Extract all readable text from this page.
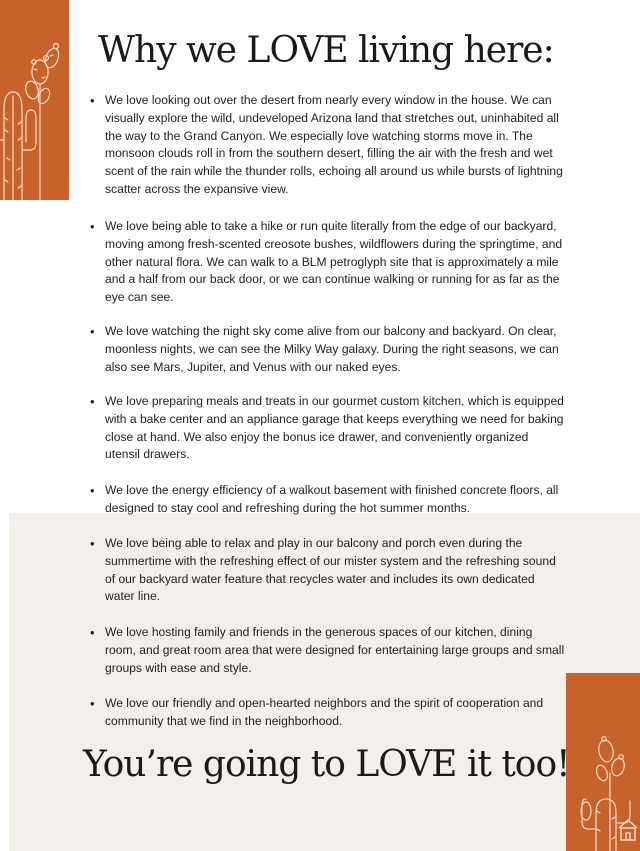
Why we LOVE living here:
• We love looking out over the desert from nearly every window in the house. We can visually explore the wild, undeveloped Arizona land that stretches out, uninhabited all the way to the Grand Canyon. We especially love watching storms move in. The monsoon clouds roll in from the southern desert, filling the air with the fresh and wet scent of the rain while the thunder rolls, echoing all around us while bursts of lightning scatter across the expansive view.
• We love being able to take a hike or run quite literally from the edge of our backyard, moving among fresh-scented creosote bushes, wildflowers during the springtime, and other natural flora. We can walk to a BLM petroglyph site that is approximately a mile and a half from our back door, or we can continue walking or running for as far as the eye can see.
• We love watching the night sky come alive from our balcony and backyard. On clear, moonless nights, we can see the Milky Way galaxy. During the right seasons, we can also see Mars, Jupiter, and Venus with our naked eyes.
• We love preparing meals and treats in our gourmet custom kitchen, which is equipped with a bake center and an appliance garage that keeps everything we need for baking close at hand. We also enjoy the bonus ice drawer, and conveniently organized utensil drawers.
• We love the energy efficiency of a walkout basement with finished concrete floors, all designed to stay cool and refreshing during the hot summer months.
• We love being able to relax and play in our balcony and porch even during the summertime with the refreshing effect of our mister system and the refreshing sound of our backyard water feature that recycles water and includes its own dedicated water line.
• We love hosting family and friends in the generous spaces of our kitchen, dining room, and great room area that were designed for entertaining large groups and small groups with ease and style.
• We love our friendly and open-hearted neighbors and the spirit of cooperation and community that we find in the neighborhood.
You’re going to LOVE it too!
